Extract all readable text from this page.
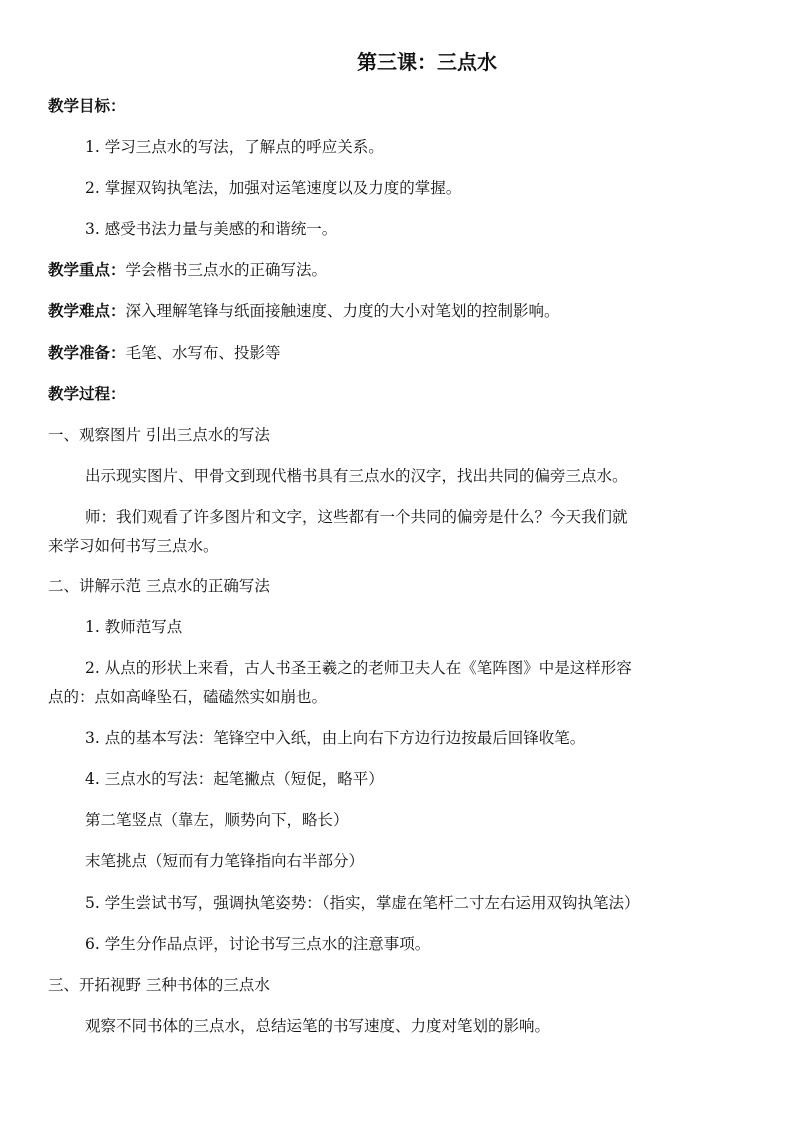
第三课：三点水
教学目标：
1. 学习三点水的写法，了解点的呼应关系。
2. 掌握双钩执笔法，加强对运笔速度以及力度的掌握。
3. 感受书法力量与美感的和谐统一。
教学重点：学会楷书三点水的正确写法。
教学难点：深入理解笔锋与纸面接触速度、力度的大小对笔划的控制影响。
教学准备：毛笔、水写布、投影等
教学过程：
一、观察图片 引出三点水的写法
出示现实图片、甲骨文到现代楷书具有三点水的汉字，找出共同的偏旁三点水。
师：我们观看了许多图片和文字，这些都有一个共同的偏旁是什么？今天我们就
来学习如何书写三点水。
二、讲解示范 三点水的正确写法
1. 教师范写点
2. 从点的形状上来看，古人书圣王羲之的老师卫夫人在《笔阵图》中是这样形容
点的：点如高峰坠石，磕磕然实如崩也。
3. 点的基本写法：笔锋空中入纸，由上向右下方边行边按最后回锋收笔。
4. 三点水的写法：起笔撇点（短促，略平）
第二笔竖点（靠左，顺势向下，略长）
末笔挑点（短而有力笔锋指向右半部分）
5. 学生尝试书写，强调执笔姿势：（指实，掌虚在笔杆二寸左右运用双钩执笔法）
6. 学生分作品点评，讨论书写三点水的注意事项。
三、开拓视野 三种书体的三点水
观察不同书体的三点水，总结运笔的书写速度、力度对笔划的影响。
